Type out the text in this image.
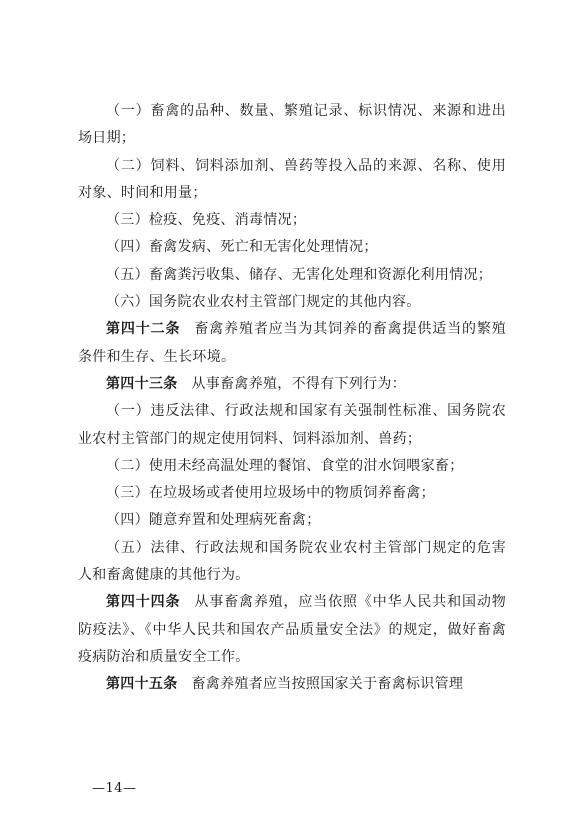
（一）畜禽的品种、数量、繁殖记录、标识情况、来源和进出场日期；

（二）饲料、饲料添加剂、兽药等投入品的来源、名称、使用对象、时间和用量；

（三）检疫、免疫、消毒情况；

（四）畜禽发病、死亡和无害化处理情况；

（五）畜禽粪污收集、储存、无害化处理和资源化利用情况；

（六）国务院农业农村主管部门规定的其他内容。

第四十二条 畜禽养殖者应当为其饲养的畜禽提供适当的繁殖条件和生存、生长环境。

第四十三条 从事畜禽养殖，不得有下列行为：

（一）违反法律、行政法规和国家有关强制性标准、国务院农业农村主管部门的规定使用饲料、饲料添加剂、兽药；

（二）使用未经高温处理的餐馆、食堂的泔水饲喂家畜；

（三）在垃圾场或者使用垃圾场中的物质饲养畜禽；

（四）随意弃置和处理病死畜禽；

（五）法律、行政法规和国务院农业农村主管部门规定的危害人和畜禽健康的其他行为。

第四十四条 从事畜禽养殖，应当依照《中华人民共和国动物防疫法》、《中华人民共和国农产品质量安全法》的规定，做好畜禽疫病防治和质量安全工作。

第四十五条 畜禽养殖者应当按照国家关于畜禽标识管理

—14—
